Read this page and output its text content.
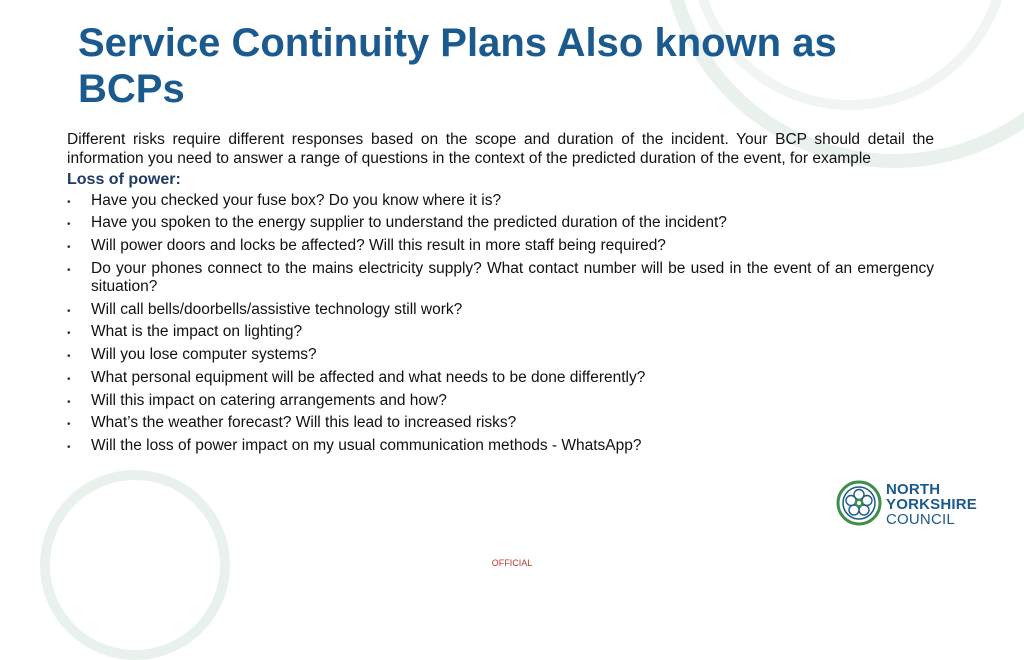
Service Continuity Plans Also known as BCPs

Different risks require different responses based on the scope and duration of the incident. Your BCP should detail the information you need to answer a range of questions in the context of the predicted duration of the event, for example

Loss of power:
• Have you checked your fuse box? Do you know where it is?
• Have you spoken to the energy supplier to understand the predicted duration of the incident?
• Will power doors and locks be affected? Will this result in more staff being required?
• Do your phones connect to the mains electricity supply? What contact number will be used in the event of an emergency situation?
• Will call bells/doorbells/assistive technology still work?
• What is the impact on lighting?
• Will you lose computer systems?
• What personal equipment will be affected and what needs to be done differently?
• Will this impact on catering arrangements and how?
• What’s the weather forecast? Will this lead to increased risks?
• Will the loss of power impact on my usual communication methods - WhatsApp?
NORTH
YORKSHIRE
COUNCIL
OFFICIAL
